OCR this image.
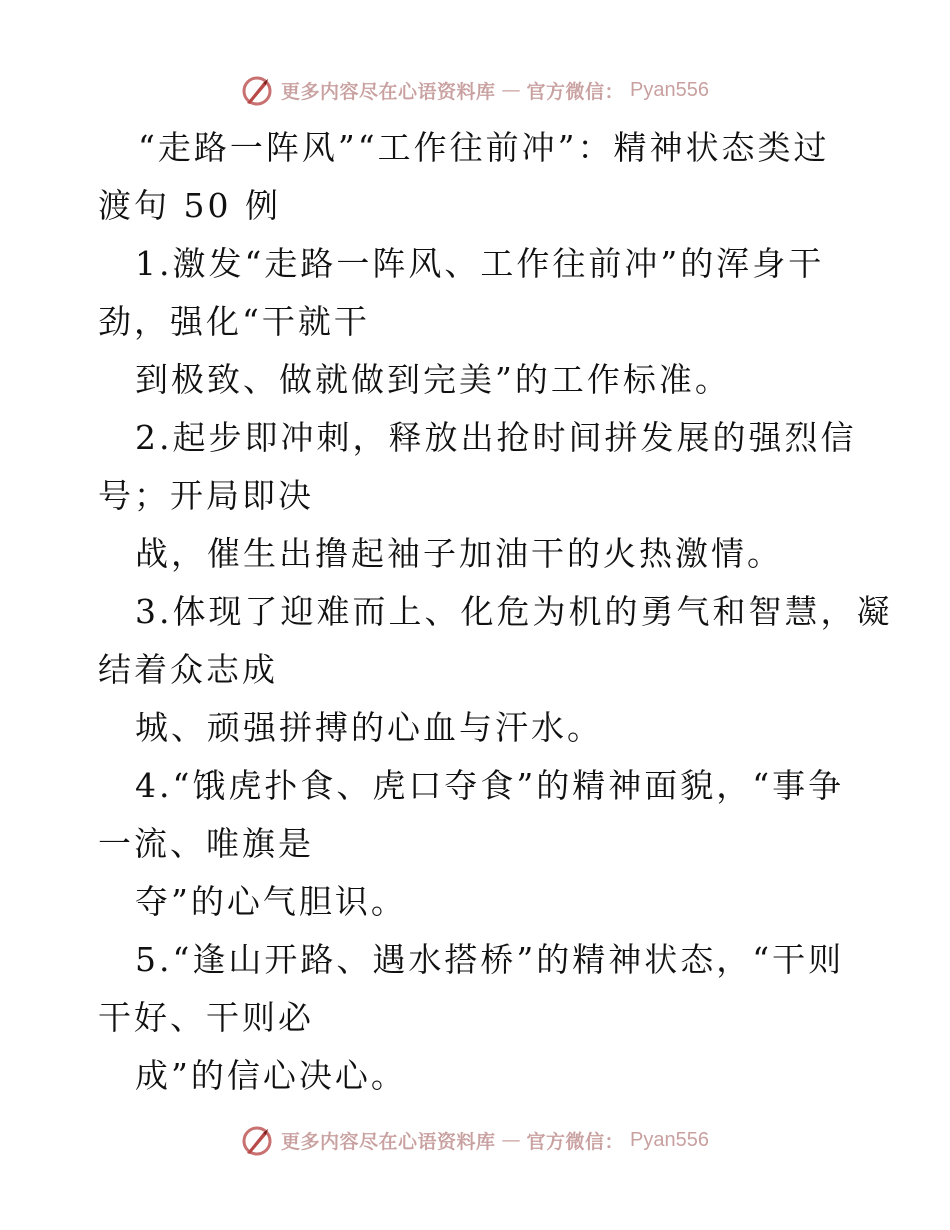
更多内容尽在心语资料库 — 官方微信： Pyan556
“走路一阵风”“工作往前冲”：精神状态类过
渡句 50 例
1.激发“走路一阵风、工作往前冲”的浑身干
劲，强化“干就干
到极致、做就做到完美”的工作标准。
2.起步即冲刺，释放出抢时间拼发展的强烈信
号；开局即决
战，催生出撸起袖子加油干的火热激情。
3.体现了迎难而上、化危为机的勇气和智慧，凝
结着众志成
城、顽强拼搏的心血与汗水。
4.“饿虎扑食、虎口夺食”的精神面貌，“事争
一流、唯旗是
夺”的心气胆识。
5.“逢山开路、遇水搭桥”的精神状态，“干则
干好、干则必
成”的信心决心。
更多内容尽在心语资料库 — 官方微信： Pyan556
